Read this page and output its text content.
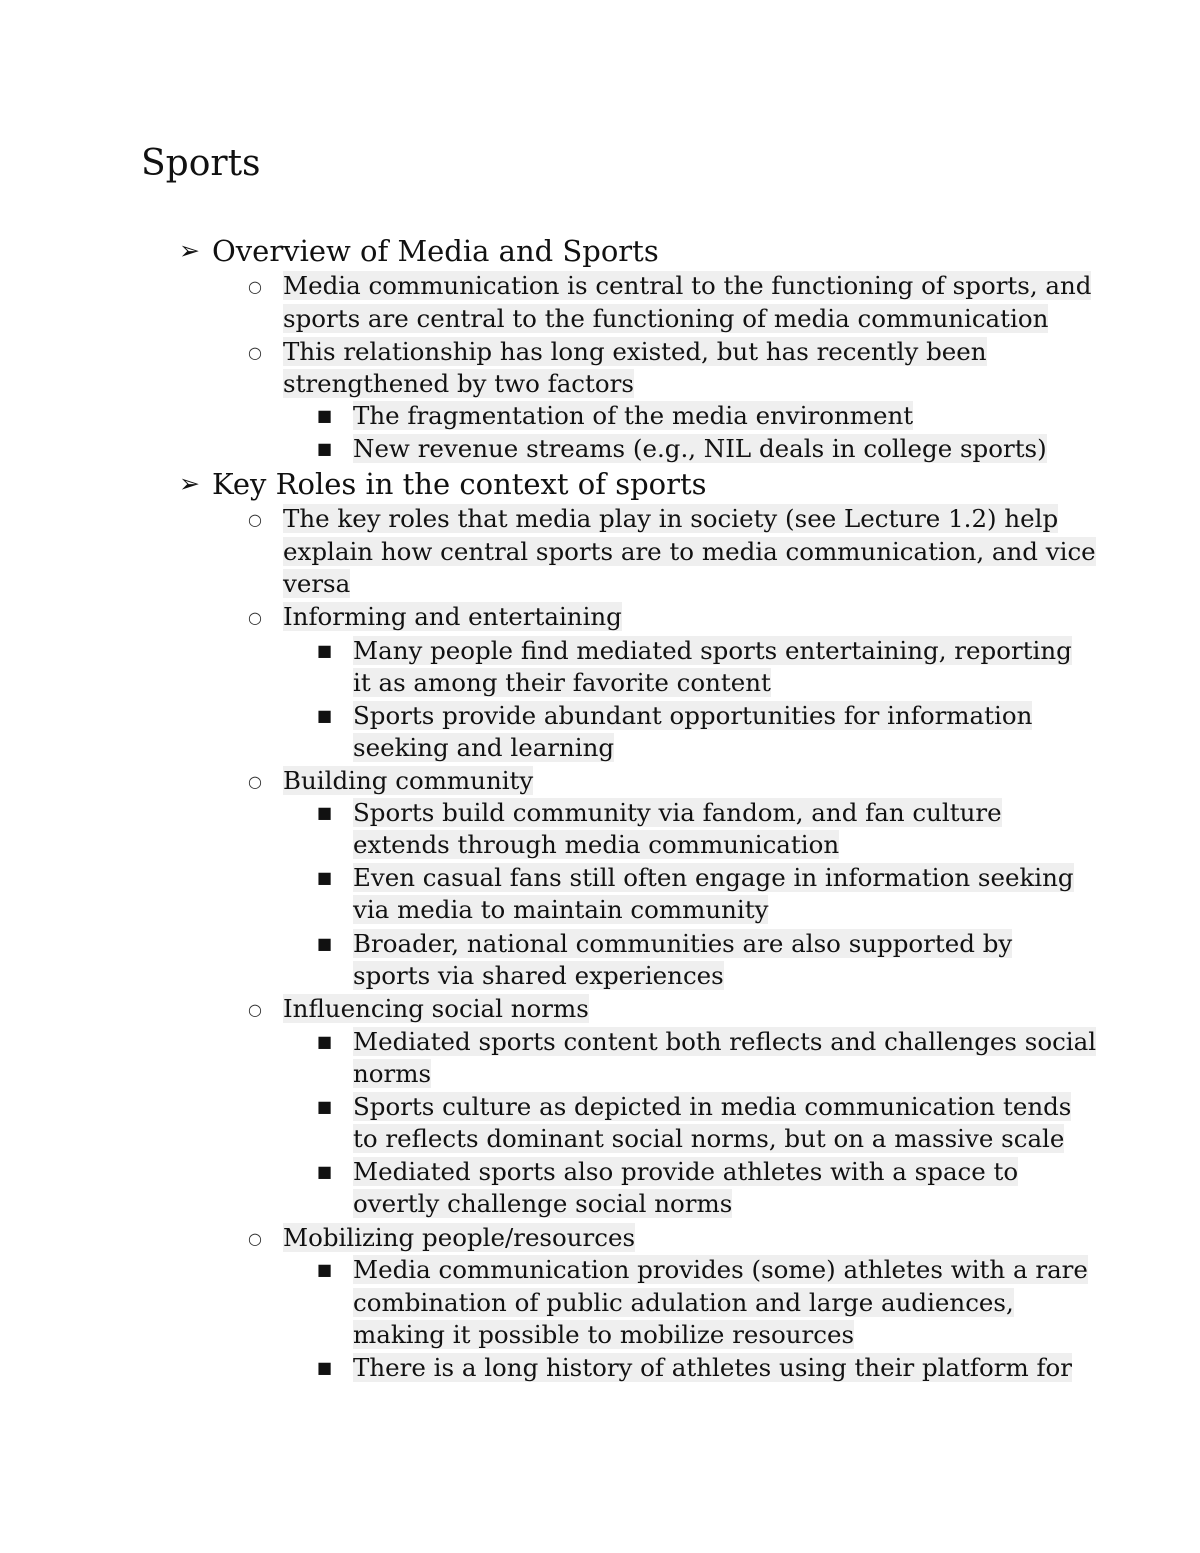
Sports
➢ Overview of Media and Sports
○ Media communication is central to the functioning of sports, and
sports are central to the functioning of media communication
○ This relationship has long existed, but has recently been
strengthened by two factors
■ The fragmentation of the media environment
■ New revenue streams (e.g., NIL deals in college sports)
➢ Key Roles in the context of sports
○ The key roles that media play in society (see Lecture 1.2) help
explain how central sports are to media communication, and vice
versa
○ Informing and entertaining
■ Many people find mediated sports entertaining, reporting
it as among their favorite content
■ Sports provide abundant opportunities for information
seeking and learning
○ Building community
■ Sports build community via fandom, and fan culture
extends through media communication
■ Even casual fans still often engage in information seeking
via media to maintain community
■ Broader, national communities are also supported by
sports via shared experiences
○ Influencing social norms
■ Mediated sports content both reflects and challenges social
norms
■ Sports culture as depicted in media communication tends
to reflects dominant social norms, but on a massive scale
■ Mediated sports also provide athletes with a space to
overtly challenge social norms
○ Mobilizing people/resources
■ Media communication provides (some) athletes with a rare
combination of public adulation and large audiences,
making it possible to mobilize resources
■ There is a long history of athletes using their platform for
